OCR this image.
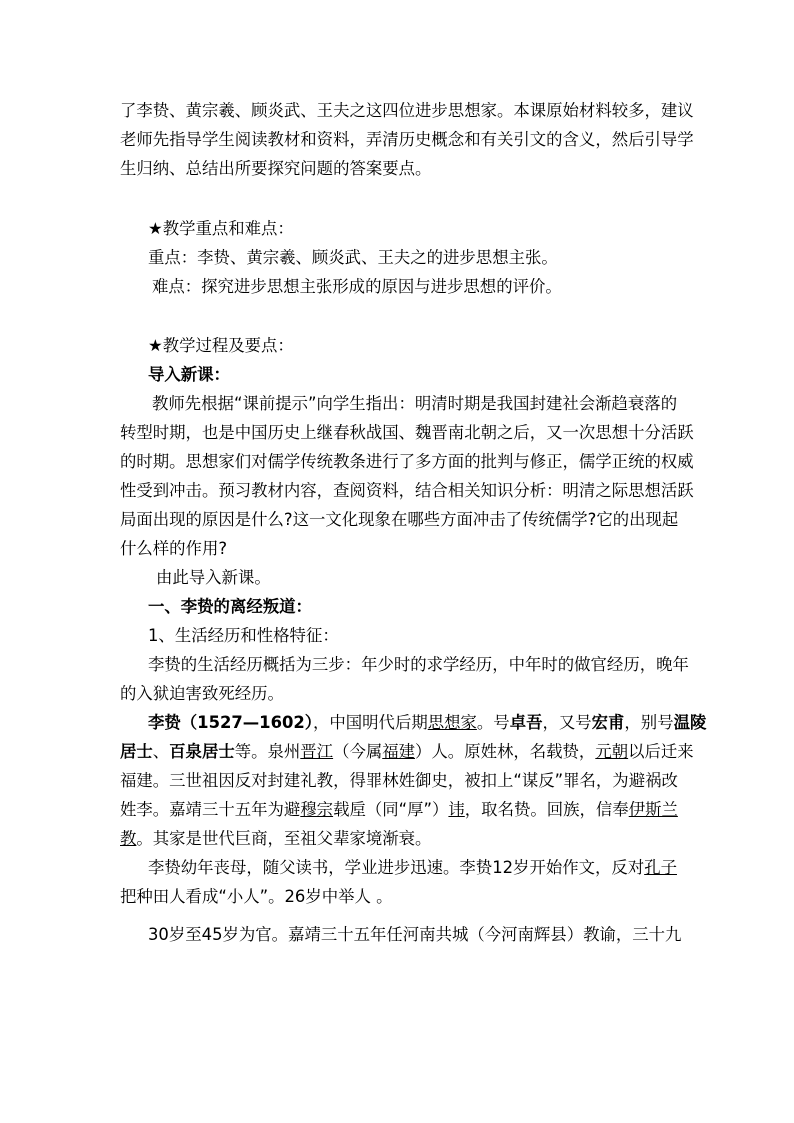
了李贽、黄宗羲、顾炎武、王夫之这四位进步思想家。本课原始材料较多，建议
老师先指导学生阅读教材和资料，弄清历史概念和有关引文的含义，然后引导学
生归纳、总结出所要探究问题的答案要点。
★教学重点和难点：
重点：李贽、黄宗羲、顾炎武、王夫之的进步思想主张。
难点：探究进步思想主张形成的原因与进步思想的评价。
★教学过程及要点：
导入新课：
教师先根据“课前提示”向学生指出：明清时期是我国封建社会渐趋衰落的
转型时期，也是中国历史上继春秋战国、魏晋南北朝之后，又一次思想十分活跃
的时期。思想家们对儒学传统教条进行了多方面的批判与修正，儒学正统的权威
性受到冲击。预习教材内容，查阅资料，结合相关知识分析：明清之际思想活跃
局面出现的原因是什么?这一文化现象在哪些方面冲击了传统儒学?它的出现起
什么样的作用?
由此导入新课。
一、李贽的离经叛道：
1、生活经历和性格特征：
李贽的生活经历概括为三步：年少时的求学经历，中年时的做官经历，晚年
的入狱迫害致死经历。
李贽（1527—1602），中国明代后期思想家。号卓吾，又号宏甫，别号温陵
居士、百泉居士等。泉州晋江（今属福建）人。原姓林，名载贽，元朝以后迁来
福建。三世祖因反对封建礼教，得罪林姓御史，被扣上“谋反”罪名，为避祸改
姓李。嘉靖三十五年为避穆宗载垕（同“厚”）讳，取名贽。回族，信奉伊斯兰
教。其家是世代巨商，至祖父辈家境渐衰。
李贽幼年丧母，随父读书，学业进步迅速。李贽12岁开始作文，反对孔子
把种田人看成“小人”。26岁中举人 。
30岁至45岁为官。嘉靖三十五年任河南共城（今河南辉县）教谕，三十九
